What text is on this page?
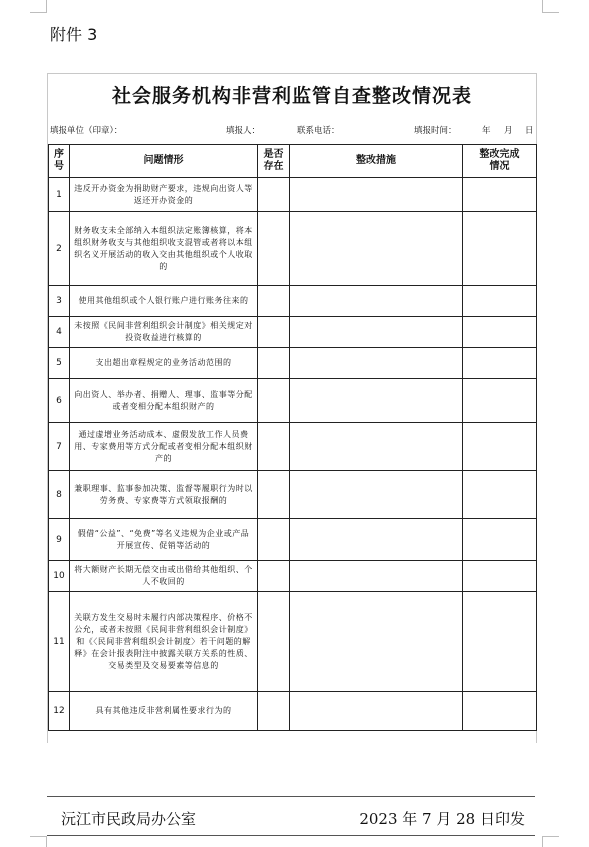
附件 3
社会服务机构非营利监管自查整改情况表
填报单位（印章）：	填报人：	联系电话：	填报时间：	年 月 日
序号	问题情形	是否存在	整改措施	整改完成情况

1	违反开办资金为捐助财产要求，违规向出资人等返还开办资金的			
2	财务收支未全部纳入本组织法定账簿核算，将本组织财务收支与其他组织收支混管或者将以本组织名义开展活动的收入交由其他组织或个人收取的			
3	使用其他组织或个人银行账户进行账务往来的			
4	未按照《民间非营利组织会计制度》相关规定对投资收益进行核算的			
5	支出超出章程规定的业务活动范围的			
6	向出资人、举办者、捐赠人、理事、监事等分配或者变相分配本组织财产的			
7	通过虚增业务活动成本、虚假发放工作人员费用、专家费用等方式分配或者变相分配本组织财产的			
8	兼职理事、监事参加决策、监督等履职行为时以劳务费、专家费等方式领取报酬的			
9	假借“公益”、“免费”等名义违规为企业或产品开展宣传、促销等活动的			
10	将大额财产长期无偿交由或出借给其他组织、个人不收回的			
11	关联方发生交易时未履行内部决策程序、价格不公允，或者未按照《民间非营利组织会计制度》和《〈民间非营利组织会计制度〉若干问题的解释》在会计报表附注中披露关联方关系的性质、交易类型及交易要素等信息的			
12	具有其他违反非营利属性要求行为的			
沅江市民政局办公室	2023 年 7 月 28 日印发
